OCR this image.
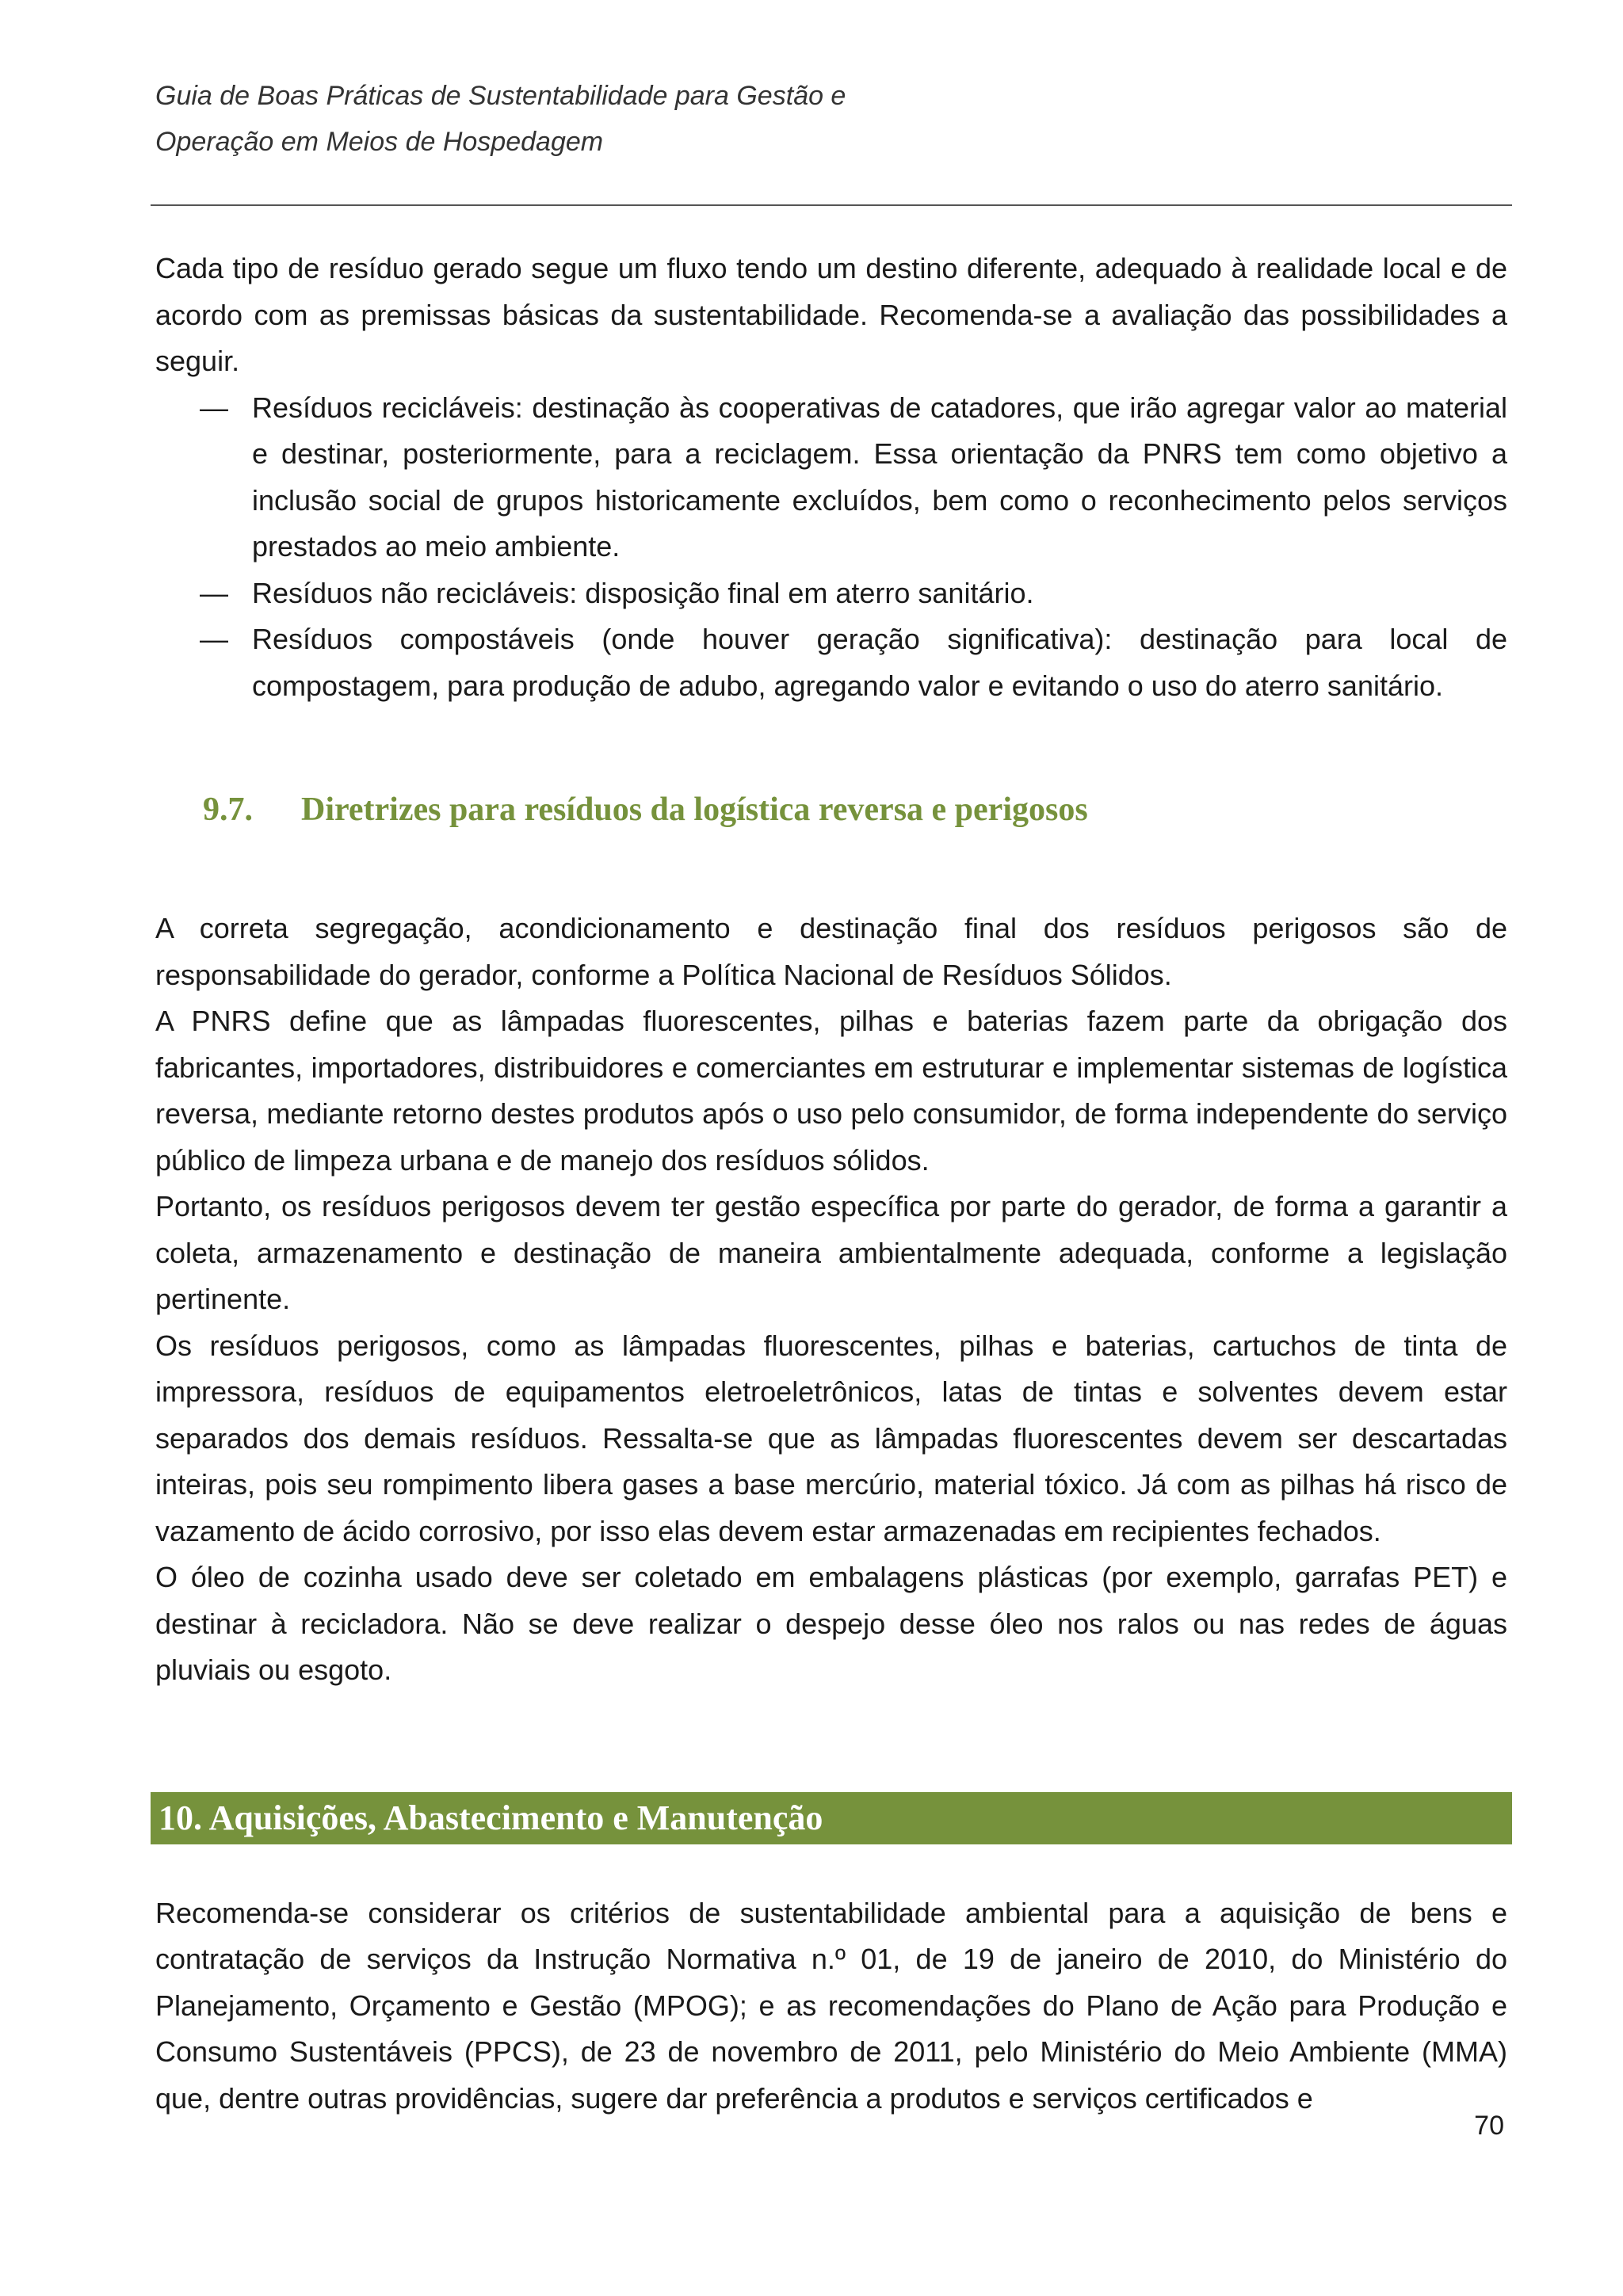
Guia de Boas Práticas de Sustentabilidade para Gestão e
Operação em Meios de Hospedagem

Cada tipo de resíduo gerado segue um fluxo tendo um destino diferente, adequado à realidade local e de acordo com as premissas básicas da sustentabilidade. Recomenda-se a avaliação das possibilidades a seguir.

— Resíduos recicláveis: destinação às cooperativas de catadores, que irão agregar valor ao material e destinar, posteriormente, para a reciclagem. Essa orientação da PNRS tem como objetivo a inclusão social de grupos historicamente excluídos, bem como o reconhecimento pelos serviços prestados ao meio ambiente.
— Resíduos não recicláveis: disposição final em aterro sanitário.
— Resíduos compostáveis (onde houver geração significativa): destinação para local de compostagem, para produção de adubo, agregando valor e evitando o uso do aterro sanitário.
9.7. Diretrizes para resíduos da logística reversa e perigosos

A correta segregação, acondicionamento e destinação final dos resíduos perigosos são de responsabilidade do gerador, conforme a Política Nacional de Resíduos Sólidos.

A PNRS define que as lâmpadas fluorescentes, pilhas e baterias fazem parte da obrigação dos fabricantes, importadores, distribuidores e comerciantes em estruturar e implementar sistemas de logística reversa, mediante retorno destes produtos após o uso pelo consumidor, de forma independente do serviço público de limpeza urbana e de manejo dos resíduos sólidos.

Portanto, os resíduos perigosos devem ter gestão específica por parte do gerador, de forma a garantir a coleta, armazenamento e destinação de maneira ambientalmente adequada, conforme a legislação pertinente.

Os resíduos perigosos, como as lâmpadas fluorescentes, pilhas e baterias, cartuchos de tinta de impressora, resíduos de equipamentos eletroeletrônicos, latas de tintas e solventes devem estar separados dos demais resíduos. Ressalta-se que as lâmpadas fluorescentes devem ser descartadas inteiras, pois seu rompimento libera gases a base mercúrio, material tóxico. Já com as pilhas há risco de vazamento de ácido corrosivo, por isso elas devem estar armazenadas em recipientes fechados.

O óleo de cozinha usado deve ser coletado em embalagens plásticas (por exemplo, garrafas PET) e destinar à recicladora. Não se deve realizar o despejo desse óleo nos ralos ou nas redes de águas pluviais ou esgoto.

10. Aquisições, Abastecimento e Manutenção

Recomenda-se considerar os critérios de sustentabilidade ambiental para a aquisição de bens e contratação de serviços da Instrução Normativa n.º 01, de 19 de janeiro de 2010, do Ministério do Planejamento, Orçamento e Gestão (MPOG); e as recomendações do Plano de Ação para Produção e Consumo Sustentáveis (PPCS), de 23 de novembro de 2011, pelo Ministério do Meio Ambiente (MMA) que, dentre outras providências, sugere dar preferência a produtos e serviços certificados e

70
